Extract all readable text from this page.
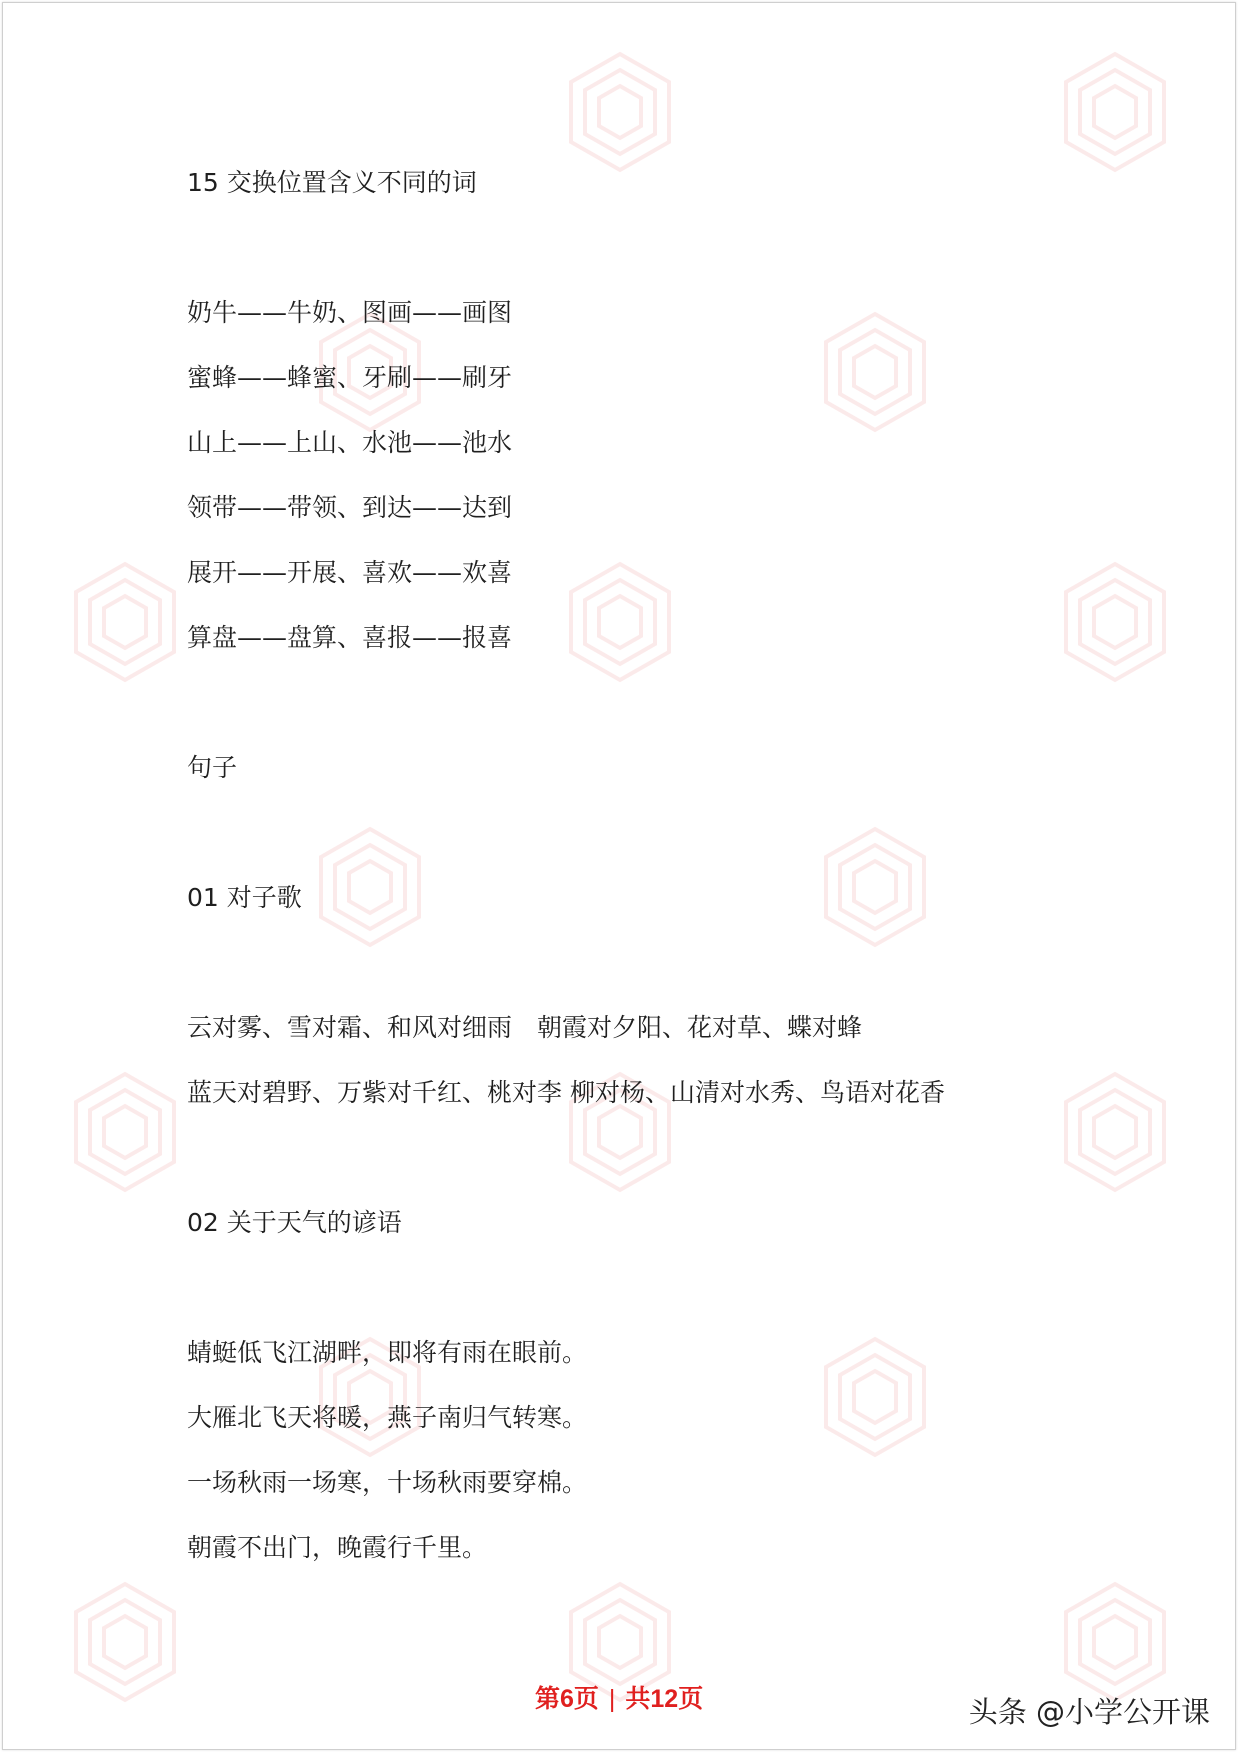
15 交换位置含义不同的词
奶牛——牛奶、图画——画图
蜜蜂——蜂蜜、牙刷——刷牙
山上——上山、水池——池水
领带——带领、到达——达到
展开——开展、喜欢——欢喜
算盘——盘算、喜报——报喜
句子
01 对子歌
云对雾、雪对霜、和风对细雨　朝霞对夕阳、花对草、蝶对蜂
蓝天对碧野、万紫对千红、桃对李 柳对杨、山清对水秀、鸟语对花香
02 关于天气的谚语
蜻蜓低飞江湖畔，即将有雨在眼前。
大雁北飞天将暖，燕子南归气转寒。
一场秋雨一场寒，十场秋雨要穿棉。
朝霞不出门，晚霞行千里。
第6页 | 共12页	头条 @小学公开课
